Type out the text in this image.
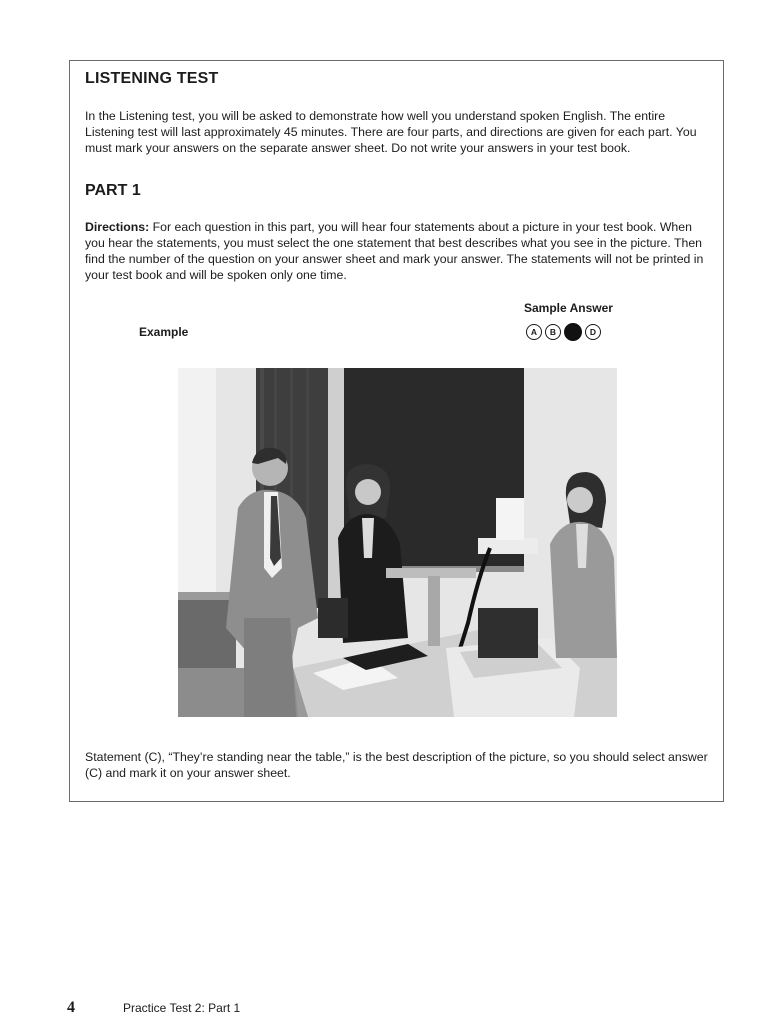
LISTENING TEST
In the Listening test, you will be asked to demonstrate how well you understand spoken English. The entire Listening test will last approximately 45 minutes. There are four parts, and directions are given for each part. You must mark your answers on the separate answer sheet. Do not write your answers in your test book.
PART 1
Directions: For each question in this part, you will hear four statements about a picture in your test book. When you hear the statements, you must select the one statement that best describes what you see in the picture. Then find the number of the question on your answer sheet and mark your answer. The statements will not be printed in your test book and will be spoken only one time.
Sample Answer
Example	A B	D
Statement (C), “They’re standing near the table,” is the best description of the picture, so you should select answer (C) and mark it on your answer sheet.
4	Practice Test 2: Part 1
